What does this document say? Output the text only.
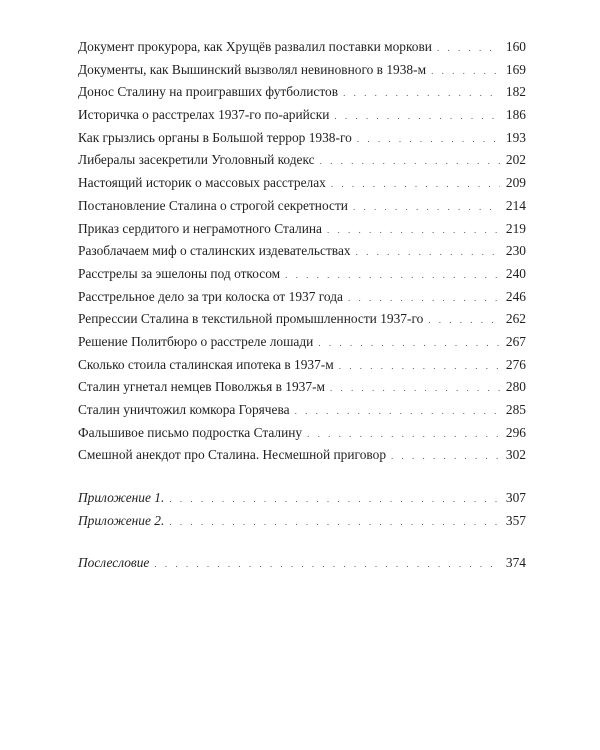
Документ прокурора, как Хрущёв развалил поставки моркови . . .	160
Документы, как Вышинский вызволял невиновного в 1938-м . . .	169
Донос Сталину на проигравших футболистов . . .	182
Историчка о расстрелах 1937-го по-арийски . . .	186
Как грызлись органы в Большой террор 1938-го . . .	193
Либералы засекретили Уголовный кодекс . . .	202
Настоящий историк о массовых расстрелах . . .	209
Постановление Сталина о строгой секретности . . .	214
Приказ сердитого и неграмотного Сталина . . .	219
Разоблачаем миф о сталинских издевательствах . . .	230
Расстрелы за эшелоны под откосом . . .	240
Расстрельное дело за три колоска от 1937 года . . .	246
Репрессии Сталина в текстильной промышленности 1937-го . . .	262
Решение Политбюро о расстреле лошади . . .	267
Сколько стоила сталинская ипотека в 1937-м . . .	276
Сталин угнетал немцев Поволжья в 1937-м . . .	280
Сталин уничтожил комкора Горячева . . .	285
Фальшивое письмо подростка Сталину . . .	296
Смешной анекдот про Сталина. Несмешной приговор . . .	302
Приложение 1. . . .	307
Приложение 2. . . .	357
Послесловие . . .	374
